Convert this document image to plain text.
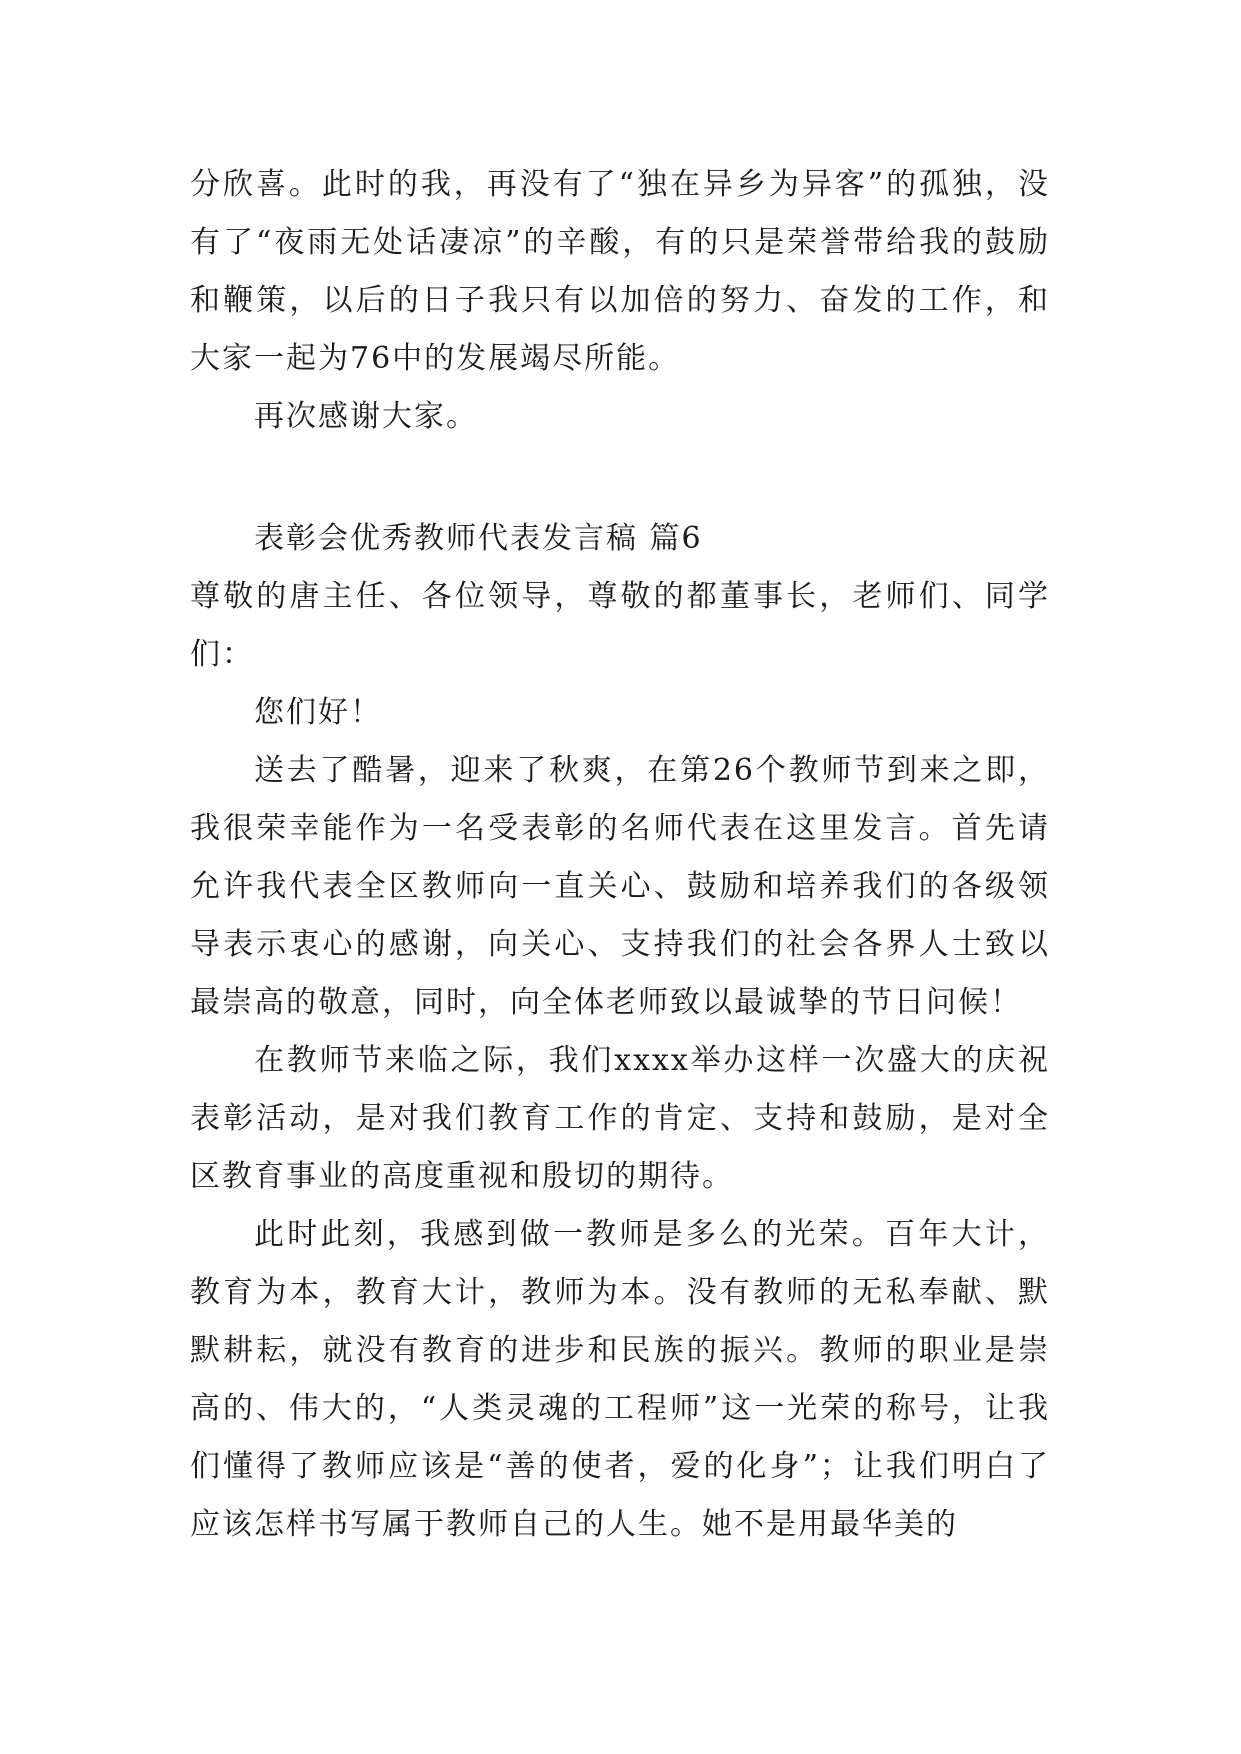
分欣喜。此时的我，再没有了“独在异乡为异客”的孤独，没有了“夜雨无处话凄凉”的辛酸，有的只是荣誉带给我的鼓励和鞭策，以后的日子我只有以加倍的努力、奋发的工作，和大家一起为76中的发展竭尽所能。

再次感谢大家。

表彰会优秀教师代表发言稿 篇6

尊敬的唐主任、各位领导，尊敬的都董事长，老师们、同学们：

您们好！

送去了酷暑，迎来了秋爽，在第26个教师节到来之即，我很荣幸能作为一名受表彰的名师代表在这里发言。首先请允许我代表全区教师向一直关心、鼓励和培养我们的各级领导表示衷心的感谢，向关心、支持我们的社会各界人士致以最崇高的敬意，同时，向全体老师致以最诚挚的节日问候！

在教师节来临之际，我们xxxx举办这样一次盛大的庆祝表彰活动，是对我们教育工作的肯定、支持和鼓励，是对全区教育事业的高度重视和殷切的期待。

此时此刻，我感到做一教师是多么的光荣。百年大计，教育为本，教育大计，教师为本。没有教师的无私奉献、默默耕耘，就没有教育的进步和民族的振兴。教师的职业是崇高的、伟大的，“人类灵魂的工程师”这一光荣的称号，让我们懂得了教师应该是“善的使者，爱的化身”；让我们明白了应该怎样书写属于教师自己的人生。她不是用最华美的
